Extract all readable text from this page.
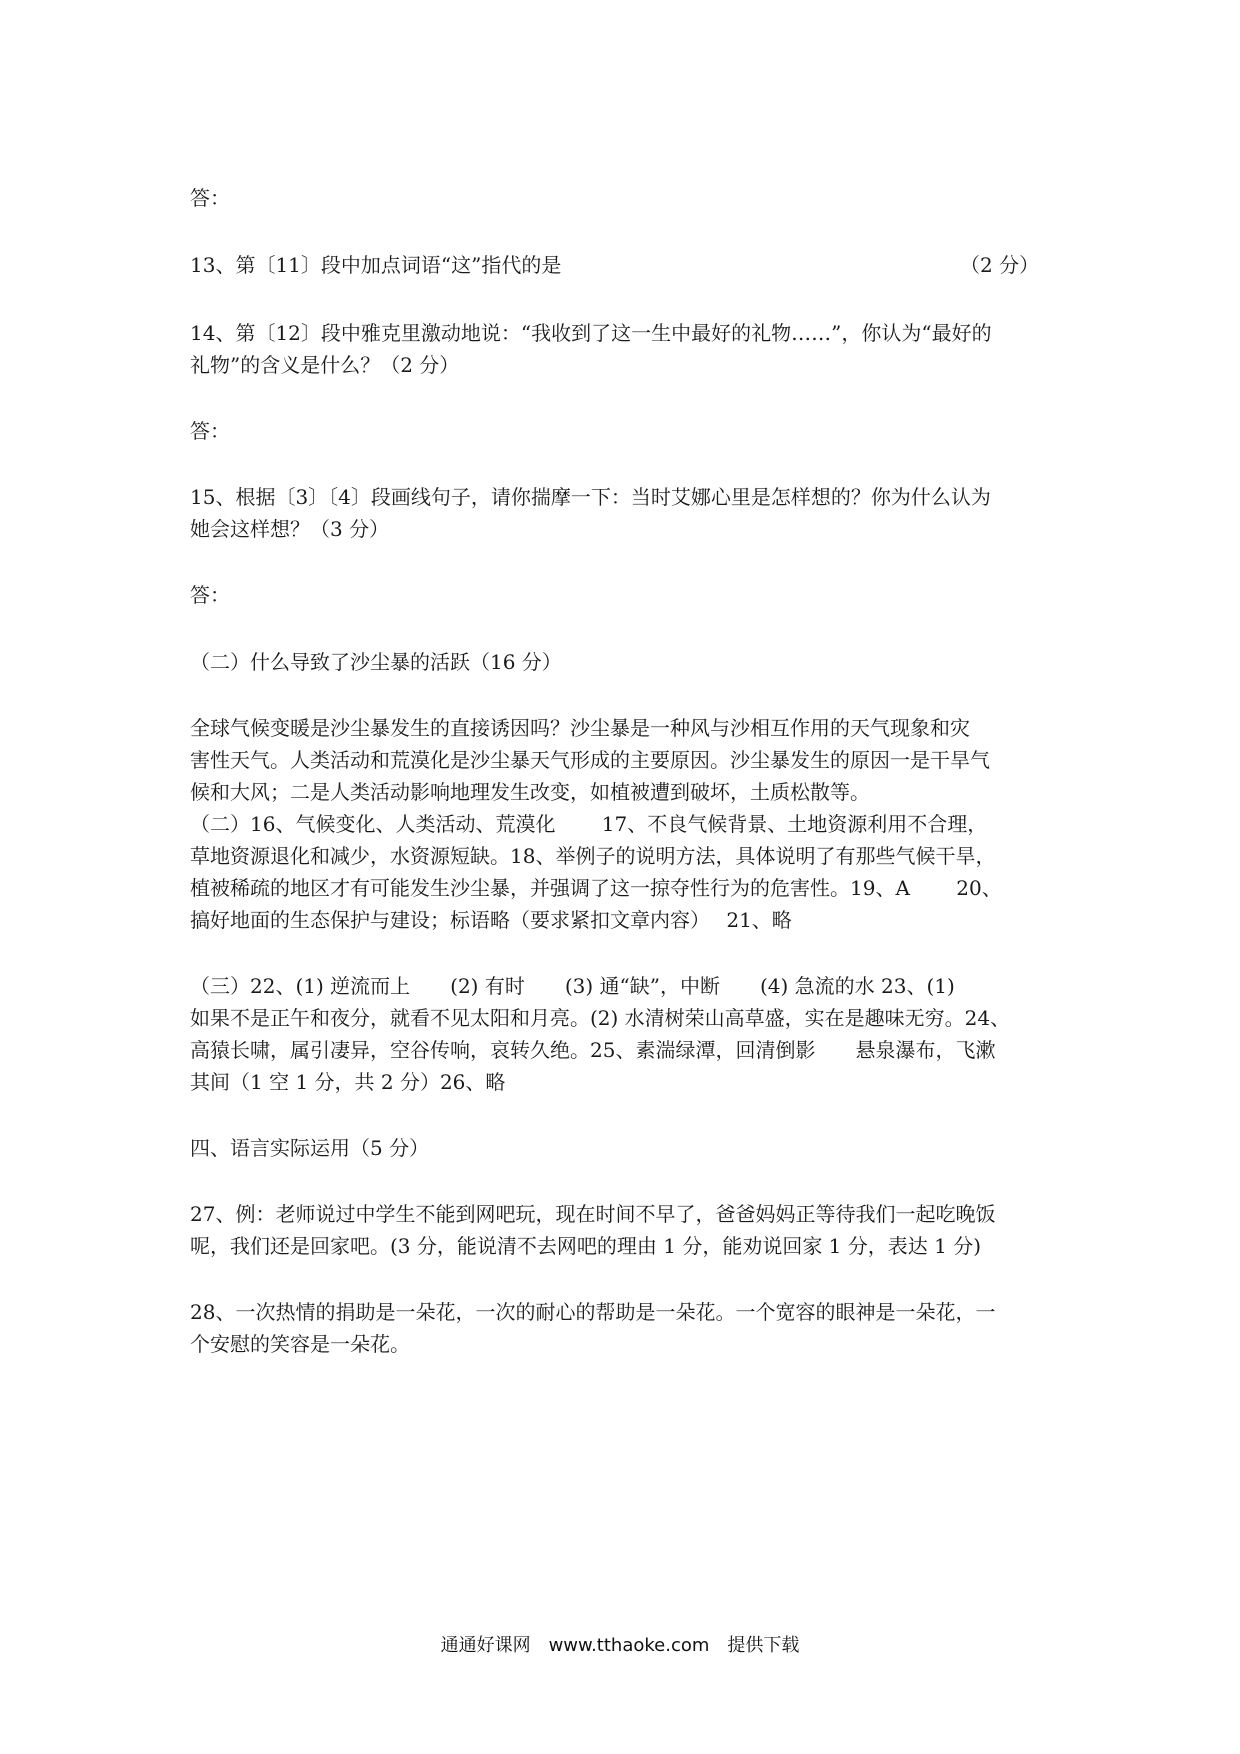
答：
13、第〔11〕段中加点词语“这”指代的是	（2 分）
14、第〔12〕段中雅克里激动地说：“我收到了这一生中最好的礼物……”，你认为“最好的
礼物”的含义是什么？（2 分）
答：
15、根据〔3〕〔4〕段画线句子，请你揣摩一下：当时艾娜心里是怎样想的？你为什么认为
她会这样想？（3 分）
答：
（二）什么导致了沙尘暴的活跃（16 分）
全球气候变暖是沙尘暴发生的直接诱因吗？沙尘暴是一种风与沙相互作用的天气现象和灾
害性天气。人类活动和荒漠化是沙尘暴天气形成的主要原因。沙尘暴发生的原因一是干旱气
候和大风；二是人类活动影响地理发生改变，如植被遭到破坏，土质松散等。
（二）16、气候变化、人类活动、荒漠化　　 17、不良气候背景、土地资源利用不合理，
草地资源退化和减少，水资源短缺。18、举例子的说明方法，具体说明了有那些气候干旱，
植被稀疏的地区才有可能发生沙尘暴，并强调了这一掠夺性行为的危害性。19、A　　 20、
搞好地面的生态保护与建设；标语略（要求紧扣文章内容）　 21、略
（三）22、(1) 逆流而上　　(2) 有时　　(3) 通“缺”，中断　　(4) 急流的水 23、(1)
如果不是正午和夜分，就看不见太阳和月亮。(2) 水清树荣山高草盛，实在是趣味无穷。24、
高猿长啸，属引凄异，空谷传响，哀转久绝。25、素湍绿潭，回清倒影　　悬泉瀑布，飞漱
其间（1 空 1 分，共 2 分）26、略
四、语言实际运用（5 分）
27、例：老师说过中学生不能到网吧玩，现在时间不早了，爸爸妈妈正等待我们一起吃晚饭
呢，我们还是回家吧。(3 分，能说清不去网吧的理由 1 分，能劝说回家 1 分，表达 1 分)
28、一次热情的捐助是一朵花，一次的耐心的帮助是一朵花。一个宽容的眼神是一朵花，一
个安慰的笑容是一朵花。
通通好课网　www.tthaoke.com　提供下载
